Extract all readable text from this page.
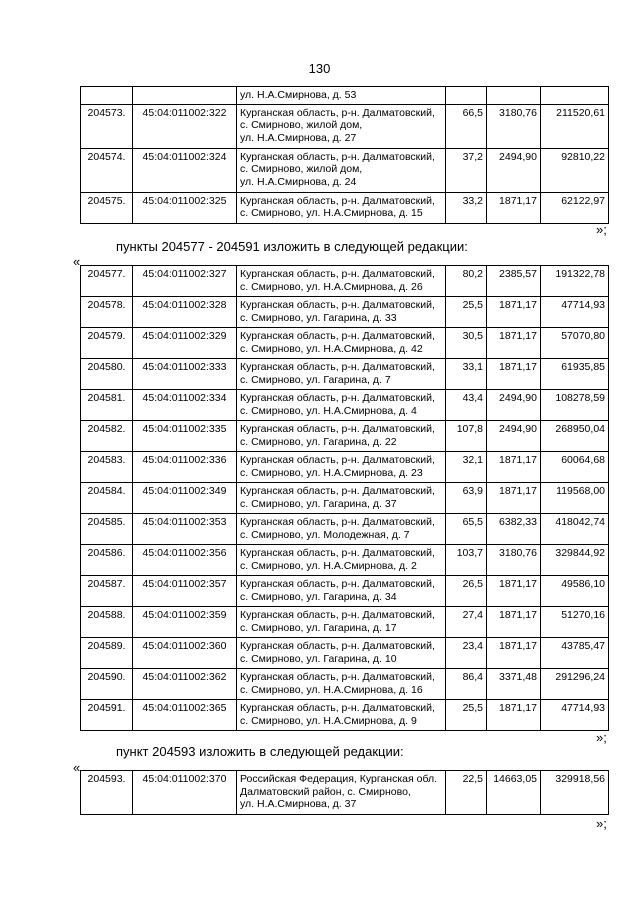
130
		ул. Н.А.Смирнова, д. 53			
204573.	45:04:011002:322	Курганская область, р-н. Далматовский,
с. Смирново, жилой дом,
ул. Н.А.Смирнова, д. 27	66,5	3180,76	211520,61
204574.	45:04:011002:324	Курганская область, р-н. Далматовский,
с. Смирново, жилой дом,
ул. Н.А.Смирнова, д. 24	37,2	2494,90	92810,22
204575.	45:04:011002:325	Курганская область, р-н. Далматовский,
с. Смирново, ул. Н.А.Смирнова, д. 15	33,2	1871,17	62122,97
»;
пункты 204577 - 204591 изложить в следующей редакции:
«
204577.	45:04:011002:327	Курганская область, р-н. Далматовский,
с. Смирново, ул. Н.А.Смирнова, д. 26	80,2	2385,57	191322,78
204578.	45:04:011002:328	Курганская область, р-н. Далматовский,
с. Смирново, ул. Гагарина, д. 33	25,5	1871,17	47714,93
204579.	45:04:011002:329	Курганская область, р-н. Далматовский,
с. Смирново, ул. Н.А.Смирнова, д. 42	30,5	1871,17	57070,80
204580.	45:04:011002:333	Курганская область, р-н. Далматовский,
с. Смирново, ул. Гагарина, д. 7	33,1	1871,17	61935,85
204581.	45:04:011002:334	Курганская область, р-н. Далматовский,
с. Смирново, ул. Н.А.Смирнова, д. 4	43,4	2494,90	108278,59
204582.	45:04:011002:335	Курганская область, р-н. Далматовский,
с. Смирново, ул. Гагарина, д. 22	107,8	2494,90	268950,04
204583.	45:04:011002:336	Курганская область, р-н. Далматовский,
с. Смирново, ул. Н.А.Смирнова, д. 23	32,1	1871,17	60064,68
204584.	45:04:011002:349	Курганская область, р-н. Далматовский,
с. Смирново, ул. Гагарина, д. 37	63,9	1871,17	119568,00
204585.	45:04:011002:353	Курганская область, р-н. Далматовский,
с. Смирново, ул. Молодежная, д. 7	65,5	6382,33	418042,74
204586.	45:04:011002:356	Курганская область, р-н. Далматовский,
с. Смирново, ул. Н.А.Смирнова, д. 2	103,7	3180,76	329844,92
204587.	45:04:011002:357	Курганская область, р-н. Далматовский,
с. Смирново, ул. Гагарина, д. 34	26,5	1871,17	49586,10
204588.	45:04:011002:359	Курганская область, р-н. Далматовский,
с. Смирново, ул. Гагарина, д. 17	27,4	1871,17	51270,16
204589.	45:04:011002:360	Курганская область, р-н. Далматовский,
с. Смирново, ул. Гагарина, д. 10	23,4	1871,17	43785,47
204590.	45:04:011002:362	Курганская область, р-н. Далматовский,
с. Смирново, ул. Н.А.Смирнова, д. 16	86,4	3371,48	291296,24
204591.	45:04:011002:365	Курганская область, р-н. Далматовский,
с. Смирново, ул. Н.А.Смирнова, д. 9	25,5	1871,17	47714,93
»;
пункт 204593 изложить в следующей редакции:
«
204593.	45:04:011002:370	Российская Федерация, Курганская обл.
Далматовский район, с. Смирново,
ул. Н.А.Смирнова, д. 37	22,5	14663,05	329918,56
»;
